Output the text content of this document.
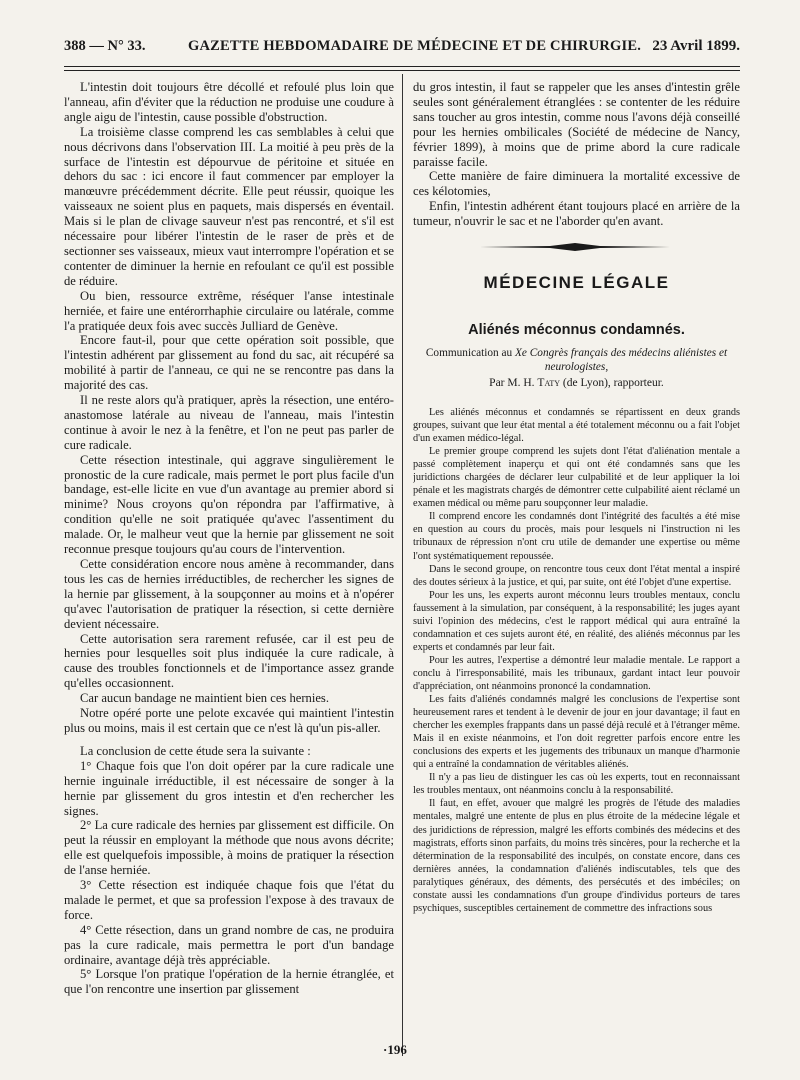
388 — N° 33.	GAZETTE HEBDOMADAIRE DE MÉDECINE ET DE CHIRURGIE. 23 Avril 1899.

L'intestin doit toujours être décollé et refoulé plus loin que l'anneau, afin d'éviter que la réduction ne produise une coudure à angle aigu de l'intestin, cause possible d'obstruction.

La troisième classe comprend les cas semblables à celui que nous décrivons dans l'observation III. La moitié à peu près de la surface de l'intestin est dépourvue de péritoine et située en dehors du sac : ici encore il faut commencer par employer la manœuvre précédemment décrite. Elle peut réussir, quoique les vaisseaux ne soient plus en paquets, mais dispersés en éventail. Mais si le plan de clivage sauveur n'est pas rencontré, et s'il est nécessaire pour libérer l'intestin de le raser de près et de sectionner ses vaisseaux, mieux vaut interrompre l'opération et se contenter de diminuer la hernie en refoulant ce qu'il est possible de réduire.

Ou bien, ressource extrême, réséquer l'anse intestinale herniée, et faire une entérorrhaphie circulaire ou latérale, comme l'a pratiquée deux fois avec succès Julliard de Genève.

Encore faut-il, pour que cette opération soit possible, que l'intestin adhérent par glissement au fond du sac, ait récupéré sa mobilité à partir de l'anneau, ce qui ne se rencontre pas dans la majorité des cas.

Il ne reste alors qu'à pratiquer, après la résection, une entéro-anastomose latérale au niveau de l'anneau, mais l'intestin continue à avoir le nez à la fenêtre, et l'on ne peut pas parler de cure radicale.

Cette résection intestinale, qui aggrave singulièrement le pronostic de la cure radicale, mais permet le port plus facile d'un bandage, est-elle licite en vue d'un avantage au premier abord si minime? Nous croyons qu'on répondra par l'affirmative, à condition qu'elle ne soit pratiquée qu'avec l'assentiment du malade. Or, le malheur veut que la hernie par glissement ne soit reconnue presque toujours qu'au cours de l'intervention.

Cette considération encore nous amène à recommander, dans tous les cas de hernies irréductibles, de rechercher les signes de la hernie par glissement, à la soupçonner au moins et à n'opérer qu'avec l'autorisation de pratiquer la résection, si cette dernière devient nécessaire.

Cette autorisation sera rarement refusée, car il est peu de hernies pour lesquelles soit plus indiquée la cure radicale, à cause des troubles fonctionnels et de l'importance assez grande qu'elles occasionnent.

Car aucun bandage ne maintient bien ces hernies.

Notre opéré porte une pelote excavée qui maintient l'intestin plus ou moins, mais il est certain que ce n'est là qu'un pis-aller.

La conclusion de cette étude sera la suivante :

1° Chaque fois que l'on doit opérer par la cure radicale une hernie inguinale irréductible, il est nécessaire de songer à la hernie par glissement du gros intestin et d'en rechercher les signes.

2° La cure radicale des hernies par glissement est difficile. On peut la réussir en employant la méthode que nous avons décrite; elle est quelquefois impossible, à moins de pratiquer la résection de l'anse herniée.

3° Cette résection est indiquée chaque fois que l'état du malade le permet, et que sa profession l'expose à des travaux de force.

4° Cette résection, dans un grand nombre de cas, ne produira pas la cure radicale, mais permettra le port d'un bandage ordinaire, avantage déjà très appréciable.

5° Lorsque l'on pratique l'opération de la hernie étranglée, et que l'on rencontre une insertion par glissement

du gros intestin, il faut se rappeler que les anses d'intestin grêle seules sont généralement étranglées : se contenter de les réduire sans toucher au gros intestin, comme nous l'avons déjà conseillé pour les hernies ombilicales (Société de médecine de Nancy, février 1899), à moins que de prime abord la cure radicale paraisse facile.

Cette manière de faire diminuera la mortalité excessive de ces kélotomies,

Enfin, l'intestin adhérent étant toujours placé en arrière de la tumeur, n'ouvrir le sac et ne l'aborder qu'en avant.

MÉDECINE LÉGALE
Aliénés méconnus condamnés.
Communication au Xe Congrès français des médecins aliénistes et neurologistes,
Par M. H. Taty (de Lyon), rapporteur.

Les aliénés méconnus et condamnés se répartissent en deux grands groupes, suivant que leur état mental a été totalement méconnu ou a fait l'objet d'un examen médico-légal.

Le premier groupe comprend les sujets dont l'état d'aliénation mentale a passé complètement inaperçu et qui ont été condamnés sans que les juridictions chargées de déclarer leur culpabilité et de leur appliquer la loi pénale et les magistrats chargés de démontrer cette culpabilité aient réclamé un examen médical ou même paru soupçonner leur maladie.

Il comprend encore les condamnés dont l'intégrité des facultés a été mise en question au cours du procès, mais pour lesquels ni l'instruction ni les tribunaux de répression n'ont cru utile de demander une expertise ou même l'ont systématiquement repoussée.

Dans le second groupe, on rencontre tous ceux dont l'état mental a inspiré des doutes sérieux à la justice, et qui, par suite, ont été l'objet d'une expertise.

Pour les uns, les experts auront méconnu leurs troubles mentaux, conclu faussement à la simulation, par conséquent, à la responsabilité; les juges ayant suivi l'opinion des médecins, c'est le rapport médical qui aura entraîné la condamnation et ces sujets auront été, en réalité, des aliénés méconnus par les experts et condamnés par leur fait.

Pour les autres, l'expertise a démontré leur maladie mentale. Le rapport a conclu à l'irresponsabilité, mais les tribunaux, gardant intact leur pouvoir d'appréciation, ont néanmoins prononcé la condamnation.

Les faits d'aliénés condamnés malgré les conclusions de l'expertise sont heureusement rares et tendent à le devenir de jour en jour davantage; il faut en chercher les exemples frappants dans un passé déjà reculé et à l'étranger même. Mais il en existe néanmoins, et l'on doit regretter parfois encore entre les conclusions des experts et les jugements des tribunaux un manque d'harmonie qui a entraîné la condamnation de véritables aliénés.

Il n'y a pas lieu de distinguer les cas où les experts, tout en reconnaissant les troubles mentaux, ont néanmoins conclu à la responsabilité.

Il faut, en effet, avouer que malgré les progrès de l'étude des maladies mentales, malgré une entente de plus en plus étroite de la médecine légale et des juridictions de répression, malgré les efforts combinés des médecins et des magistrats, efforts sinon parfaits, du moins très sincères, pour la recherche et la détermination de la responsabilité des inculpés, on constate encore, dans ces dernières années, la condamnation d'aliénés indiscutables, tels que des paralytiques généraux, des déments, des persécutés et des imbéciles; on constate aussi les condamnations d'un groupe d'individus porteurs de tares psychiques, susceptibles certainement de commettre des infractions sous

·196
